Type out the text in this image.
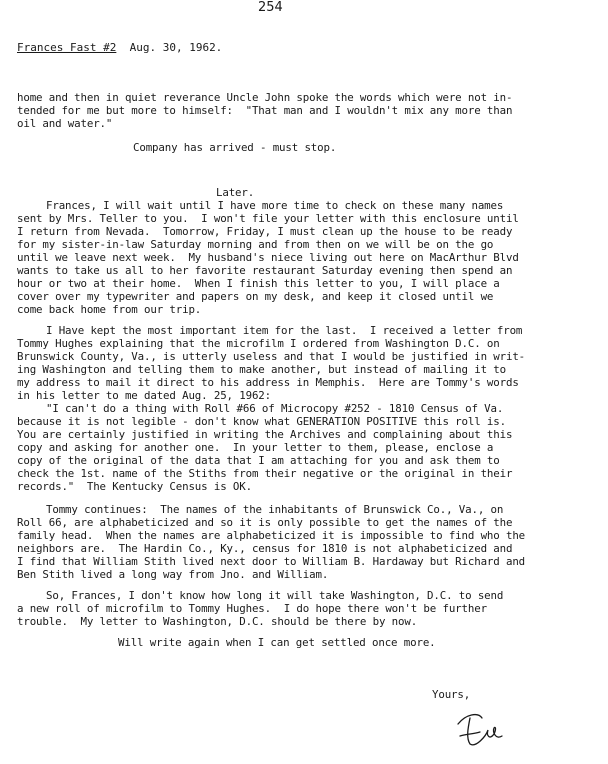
254
Frances Fast #2 Aug. 30, 1962.
home and then in quiet reverance Uncle John spoke the words which were not in-
tended for me but more to himself:  "That man and I wouldn't mix any more than
oil and water."
Company has arrived - must stop.
Later.
Frances, I will wait until I have more time to check on these many names
sent by Mrs. Teller to you.  I won't file your letter with this enclosure until
I return from Nevada.  Tomorrow, Friday, I must clean up the house to be ready
for my sister-in-law Saturday morning and from then on we will be on the go
until we leave next week.  My husband's niece living out here on MacArthur Blvd
wants to take us all to her favorite restaurant Saturday evening then spend an
hour or two at their home.  When I finish this letter to you, I will place a
cover over my typewriter and papers on my desk, and keep it closed until we
come back home from our trip.
I Have kept the most important item for the last.  I received a letter from
Tommy Hughes explaining that the microfilm I ordered from Washington D.C. on
Brunswick County, Va., is utterly useless and that I would be justified in writ-
ing Washington and telling them to make another, but instead of mailing it to
my address to mail it direct to his address in Memphis.  Here are Tommy's words
in his letter to me dated Aug. 25, 1962:
"I can't do a thing with Roll #66 of Microcopy #252 - 1810 Census of Va.
because it is not legible - don't know what GENERATION POSITIVE this roll is.
You are certainly justified in writing the Archives and complaining about this
copy and asking for another one.  In your letter to them, please, enclose a
copy of the original of the data that I am attaching for you and ask them to
check the 1st. name of the Stiths from their negative or the original in their
records."  The Kentucky Census is OK.
Tommy continues:  The names of the inhabitants of Brunswick Co., Va., on
Roll 66, are alphabeticized and so it is only possible to get the names of the
family head.  When the names are alphabeticized it is impossible to find who the
neighbors are.  The Hardin Co., Ky., census for 1810 is not alphabeticized and
I find that William Stith lived next door to William B. Hardaway but Richard and
Ben Stith lived a long way from Jno. and William.
So, Frances, I don't know how long it will take Washington, D.C. to send
a new roll of microfilm to Tommy Hughes.  I do hope there won't be further
trouble.  My letter to Washington, D.C. should be there by now.
Will write again when I can get settled once more.
Yours,
